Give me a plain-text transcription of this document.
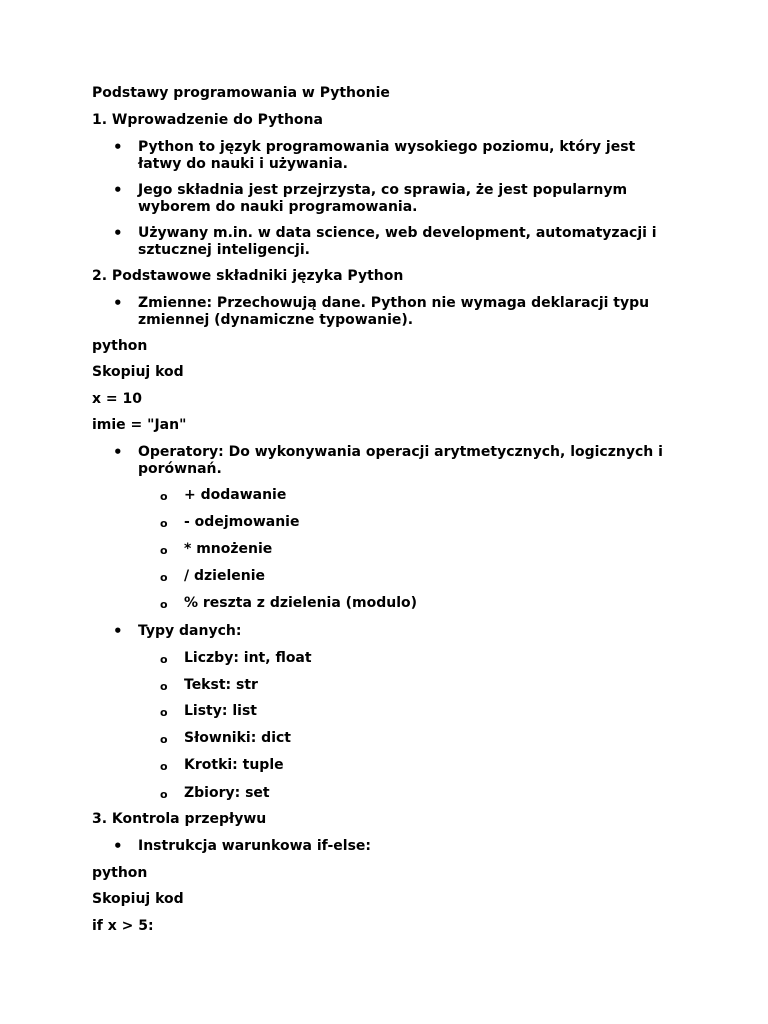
Podstawy programowania w Pythonie

1. Wprowadzenie do Pythona

• Python to język programowania wysokiego poziomu, który jest łatwy do nauki i używania.
• Jego składnia jest przejrzysta, co sprawia, że jest popularnym wyborem do nauki programowania.
• Używany m.in. w data science, web development, automatyzacji i sztucznej inteligencji.

2. Podstawowe składniki języka Python

• Zmienne: Przechowują dane. Python nie wymaga deklaracji typu zmiennej (dynamiczne typowanie).

python

Skopiuj kod

x = 10

imie = "Jan"

• Operatory: Do wykonywania operacji arytmetycznych, logicznych i porównań.
o + dodawanie
o - odejmowanie
o * mnożenie
o / dzielenie
o % reszta z dzielenia (modulo)
• Typy danych:
o Liczby: int, float
o Tekst: str
o Listy: list
o Słowniki: dict
o Krotki: tuple
o Zbiory: set

3. Kontrola przepływu

• Instrukcja warunkowa if-else:

python

Skopiuj kod

if x > 5:
